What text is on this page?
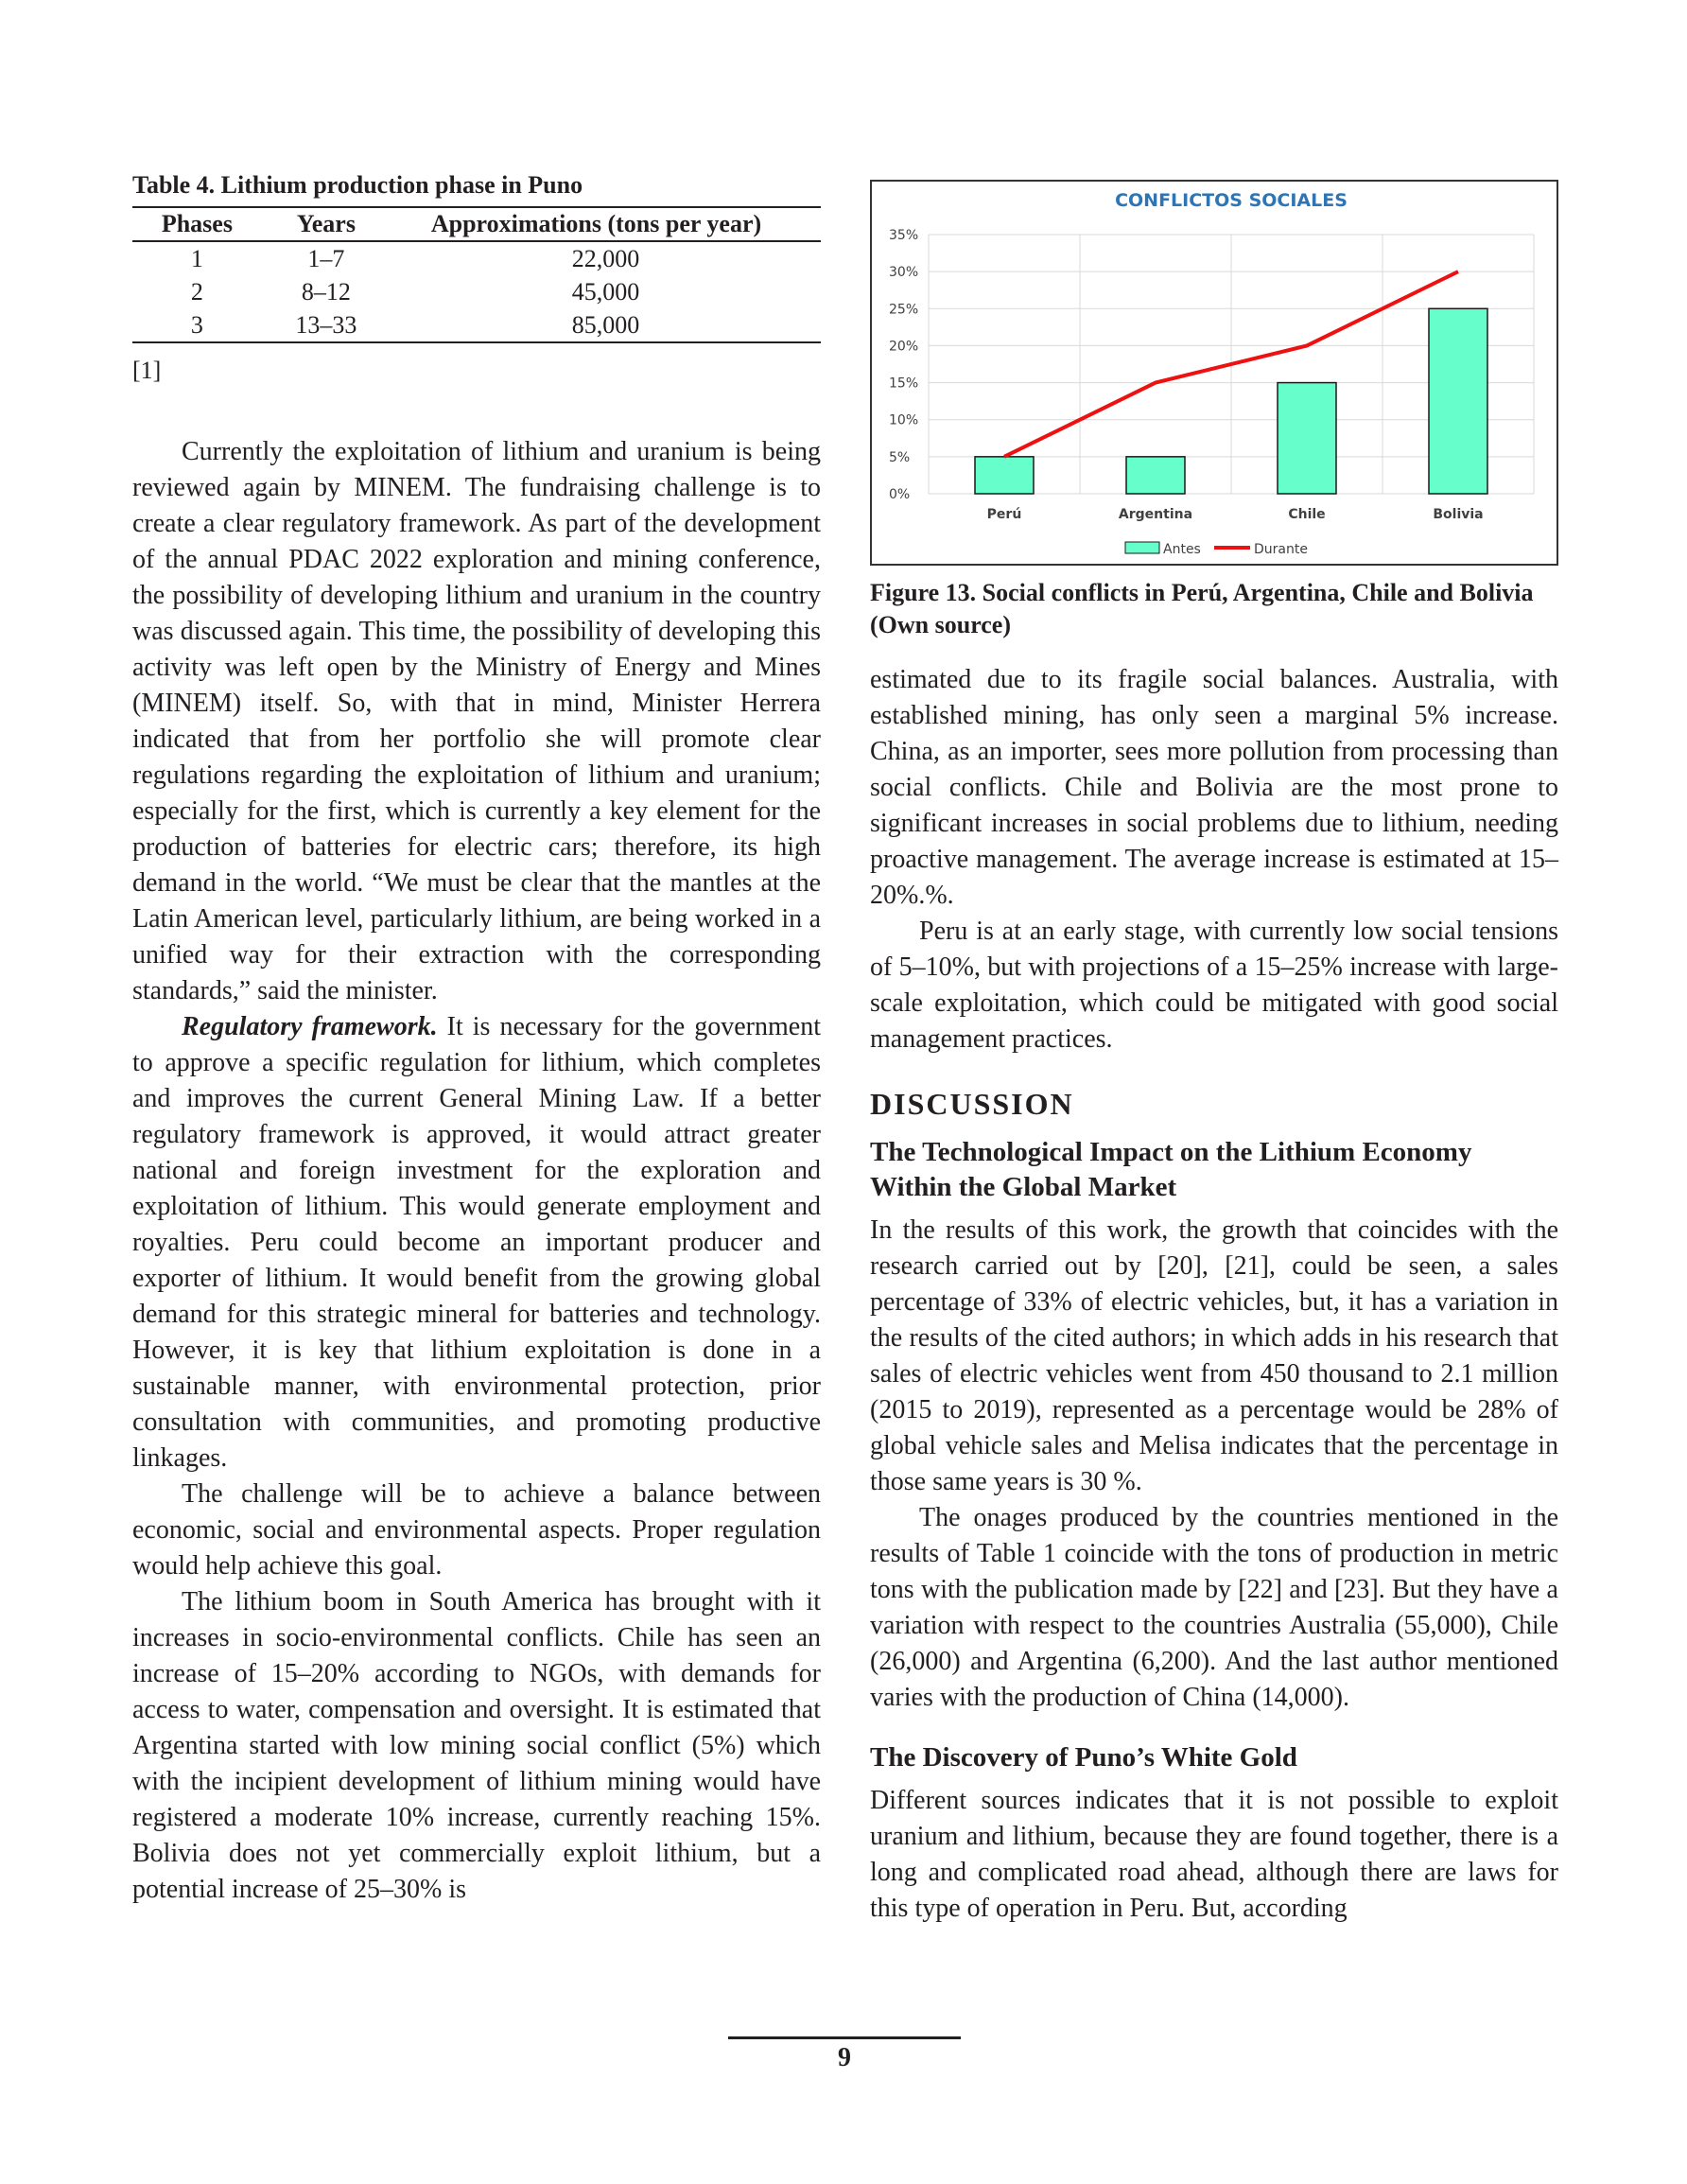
Table 4. Lithium production phase in Puno
Phases	Years	Approximations (tons per year)

1	1–7	22,000
2	8–12	45,000
3	13–33	85,000
[1]

Currently the exploitation of lithium and uranium is being reviewed again by MINEM. The fundraising challenge is to create a clear regulatory framework. As part of the development of the annual PDAC 2022 exploration and mining conference, the possibility of developing lithium and uranium in the country was discussed again. This time, the possibility of developing this activity was left open by the Ministry of Energy and Mines (MINEM) itself. So, with that in mind, Minister Herrera indicated that from her portfolio she will promote clear regulations regarding the exploitation of lithium and uranium; especially for the first, which is currently a key element for the production of batteries for electric cars; therefore, its high demand in the world. “We must be clear that the mantles at the Latin American level, particularly lithium, are being worked in a unified way for their extraction with the corresponding standards,” said the minister.

Regulatory framework. It is necessary for the government to approve a specific regulation for lithium, which completes and improves the current General Mining Law. If a better regulatory framework is approved, it would attract greater national and foreign investment for the exploration and exploitation of lithium. This would generate employment and royalties. Peru could become an important producer and exporter of lithium. It would benefit from the growing global demand for this strategic mineral for batteries and technology. However, it is key that lithium exploitation is done in a sustainable manner, with environmental protection, prior consultation with communities, and promoting productive linkages.

The challenge will be to achieve a balance between economic, social and environmental aspects. Proper regulation would help achieve this goal.

The lithium boom in South America has brought with it increases in socio-environmental conflicts. Chile has seen an increase of 15–20% according to NGOs, with demands for access to water, compensation and oversight. It is estimated that Argentina started with low mining social conflict (5%) which with the incipient development of lithium mining would have registered a moderate 10% increase, currently reaching 15%. Bolivia does not yet commercially exploit lithium, but a potential increase of 25–30% is

CONFLICTOS SOCIALES
0%
5%
10%
15%
20%
25%
30%
35%
Perú	Argentina	Chile	Bolivia
Antes	Durante
Figure 13. Social conflicts in Perú, Argentina, Chile and Bolivia (Own source)

estimated due to its fragile social balances. Australia, with established mining, has only seen a marginal 5% increase. China, as an importer, sees more pollution from processing than social conflicts. Chile and Bolivia are the most prone to significant increases in social problems due to lithium, needing proactive management. The average increase is estimated at 15–20%.%.

Peru is at an early stage, with currently low social tensions of 5–10%, but with projections of a 15–25% increase with large-scale exploitation, which could be mitigated with good social management practices.

DISCUSSION
The Technological Impact on the Lithium Economy Within the Global Market

In the results of this work, the growth that coincides with the research carried out by [20], [21], could be seen, a sales percentage of 33% of electric vehicles, but, it has a variation in the results of the cited authors; in which adds in his research that sales of electric vehicles went from 450 thousand to 2.1 million (2015 to 2019), represented as a percentage would be 28% of global vehicle sales and Melisa indicates that the percentage in those same years is 30 %.

The onages produced by the countries mentioned in the results of Table 1 coincide with the tons of production in metric tons with the publication made by [22] and [23]. But they have a variation with respect to the countries Australia (55,000), Chile (26,000) and Argentina (6,200). And the last author mentioned varies with the production of China (14,000).

The Discovery of Puno’s White Gold

Different sources indicates that it is not possible to exploit uranium and lithium, because they are found together, there is a long and complicated road ahead, although there are laws for this type of operation in Peru. But, according

9
